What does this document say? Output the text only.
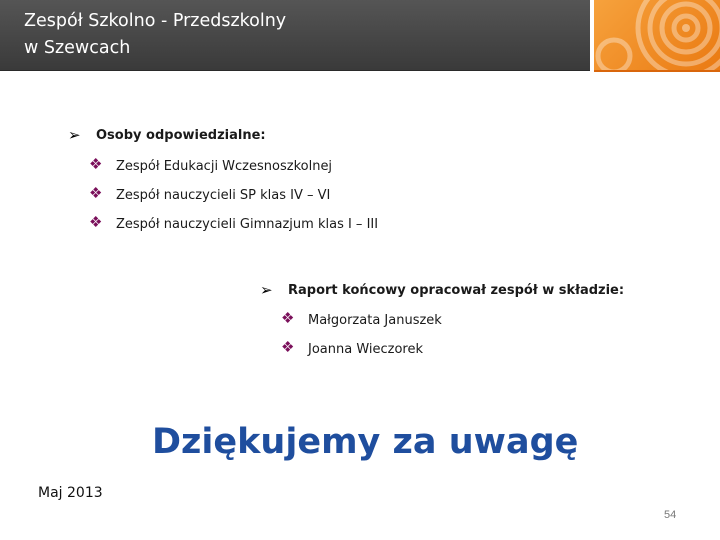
Zespół Szkolno - Przedszkolny
w Szewcach
➢ Osoby odpowiedzialne:
❖ Zespół Edukacji Wczesnoszkolnej
❖ Zespół nauczycieli SP klas IV – VI
❖ Zespół nauczycieli Gimnazjum klas I – III
➢ Raport końcowy opracował zespół w składzie:
❖ Małgorzata Januszek
❖ Joanna Wieczorek
Dziękujemy za uwagę
Maj 2013
54
